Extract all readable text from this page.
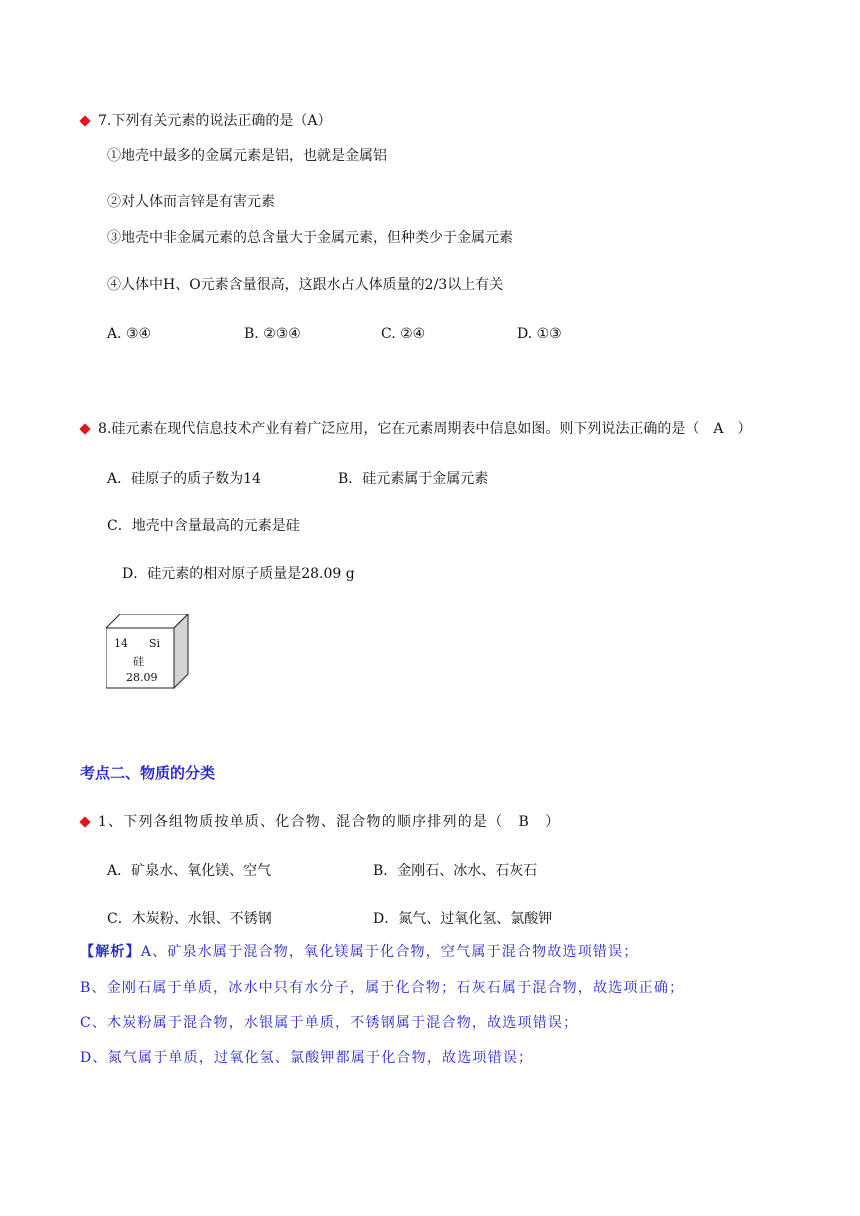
7.下列有关元素的说法正确的是（A）
①地壳中最多的金属元素是铝，也就是金属铝
②对人体而言锌是有害元素
③地壳中非金属元素的总含量大于金属元素，但种类少于金属元素
④人体中H、O元素含量很高，这跟水占人体质量的2/3以上有关
A. ③④	B. ②③④	C. ②④	D. ①③
8.硅元素在现代信息技术产业有着广泛应用，它在元素周期表中信息如图。则下列说法正确的是（　A　）
A．硅原子的质子数为14	B．硅元素属于金属元素
C．地壳中含量最高的元素是硅
D．硅元素的相对原子质量是28.09 g
14 Si
硅
28.09
考点二、物质的分类
1、下列各组物质按单质、化合物、混合物的顺序排列的是（　B　）
A．矿泉水、氧化镁、空气	B．金刚石、冰水、石灰石
C．木炭粉、水银、不锈钢	D．氮气、过氧化氢、氯酸钾
【解析】A、矿泉水属于混合物，氧化镁属于化合物，空气属于混合物故选项错误；
B、金刚石属于单质，冰水中只有水分子，属于化合物；石灰石属于混合物，故选项正确；
C、木炭粉属于混合物，水银属于单质，不锈钢属于混合物，故选项错误；
D、氮气属于单质，过氧化氢、氯酸钾都属于化合物，故选项错误；
